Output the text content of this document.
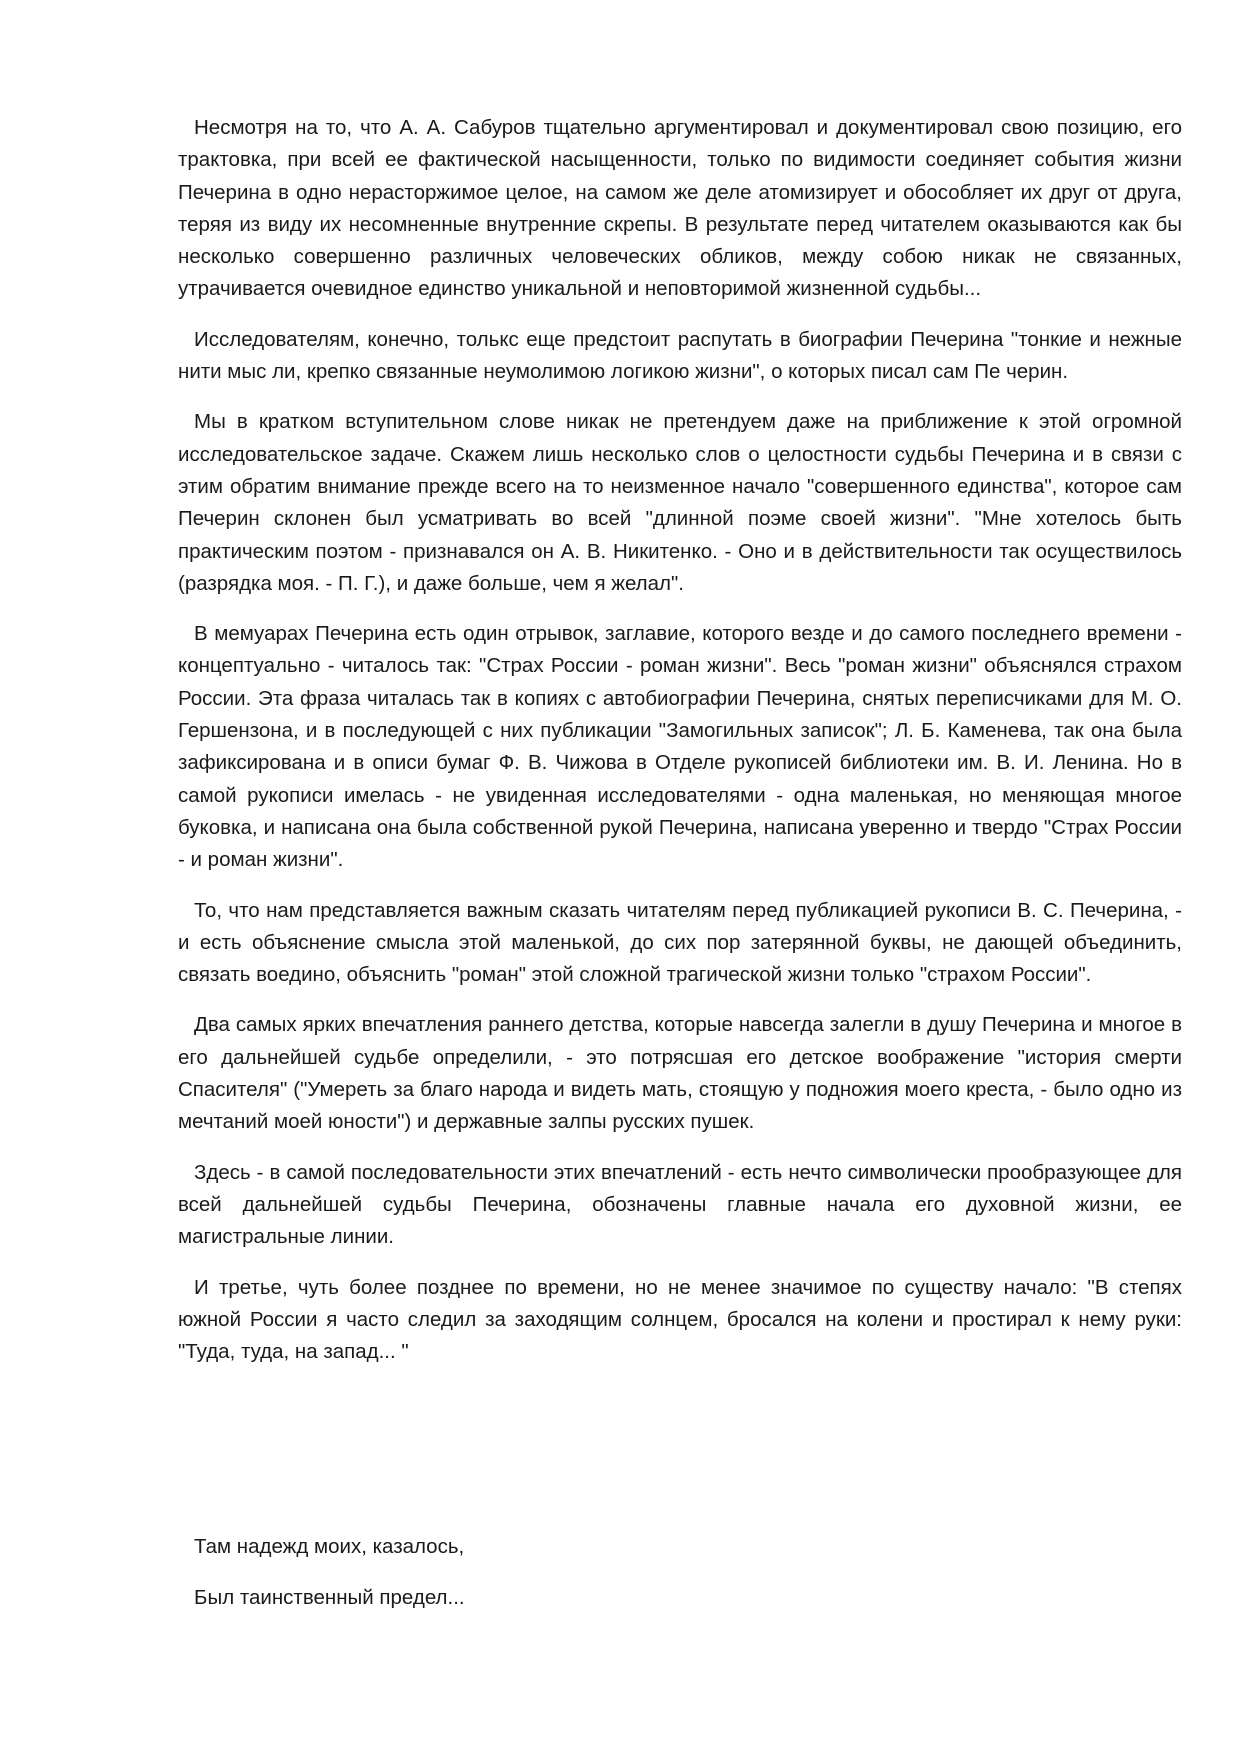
Несмотря на то, что А. А. Сабуров тщательно аргументировал и документировал свою позицию, его трактовка, при всей ее фактической насыщенности, только по видимости соединяет события жизни Печерина в одно нерасторжимое целое, на самом же деле атомизирует и обособляет их друг от друга, теряя из виду их несомненные внутренние скрепы. В результате перед читателем оказываются как бы несколько совершенно различных человеческих обликов, между собою никак не связанных, утрачивается очевидное единство уникальной и неповторимой жизненной судьбы...

Исследователям, конечно, толькс еще предстоит распутать в биографии Печерина "тонкие и нежные нити мыс ли, крепко связанные неумолимою логикою жизни", о которых писал сам Пе черин.

Мы в кратком вступительном слове никак не претендуем даже на приближение к этой огромной исследовательское задаче. Скажем лишь несколько слов о целостности судьбы Печерина и в связи с этим обратим внимание прежде всего на то неизменное начало "совершенного единства", которое сам Печерин склонен был усматривать во всей "длинной поэме своей жизни". "Мне хотелось быть практическим поэтом - признавался он А. В. Никитенко. - Оно и в действительности так осуществилось (разрядка моя. - П. Г.), и даже больше, чем я желал".

В мемуарах Печерина есть один отрывок, заглавие, которого везде и до самого последнего времени - концептуально - читалось так: "Страх России - роман жизни". Весь "роман жизни" объяснялся страхом России. Эта фраза читалась так в копиях с автобиографии Печерина, снятых переписчиками для М. О. Гершензона, и в последующей с них публикации "Замогильных записок"; Л. Б. Каменева, так она была зафиксирована и в описи бумаг Ф. В. Чижова в Отделе рукописей библиотеки им. В. И. Ленина. Но в самой рукописи имелась - не увиденная исследователями - одна маленькая, но меняющая многое буковка, и написана она была собственной рукой Печерина, написана уверенно и твердо "Страх России - и роман жизни".

То, что нам представляется важным сказать читателям перед публикацией рукописи В. С. Печерина, - и есть объяснение смысла этой маленькой, до сих пор затерянной буквы, не дающей объединить, связать воедино, объяснить "роман" этой сложной трагической жизни только "страхом России".

Два самых ярких впечатления раннего детства, которые навсегда залегли в душу Печерина и многое в его дальнейшей судьбе определили, - это потрясшая его детское воображение "история смерти Спасителя" ("Умереть за благо народа и видеть мать, стоящую у подножия моего креста, - было одно из мечтаний моей юности") и державные залпы русских пушек.

Здесь - в самой последовательности этих впечатлений - есть нечто символически прообразующее для всей дальнейшей судьбы Печерина, обозначены главные начала его духовной жизни, ее магистральные линии.

И третье, чуть более позднее по времени, но не менее значимое по существу начало: "В степях южной России я часто следил за заходящим солнцем, бросался на колени и простирал к нему руки: "Туда, туда, на запад... "

Там надежд моих, казалось,

Был таинственный предел...
